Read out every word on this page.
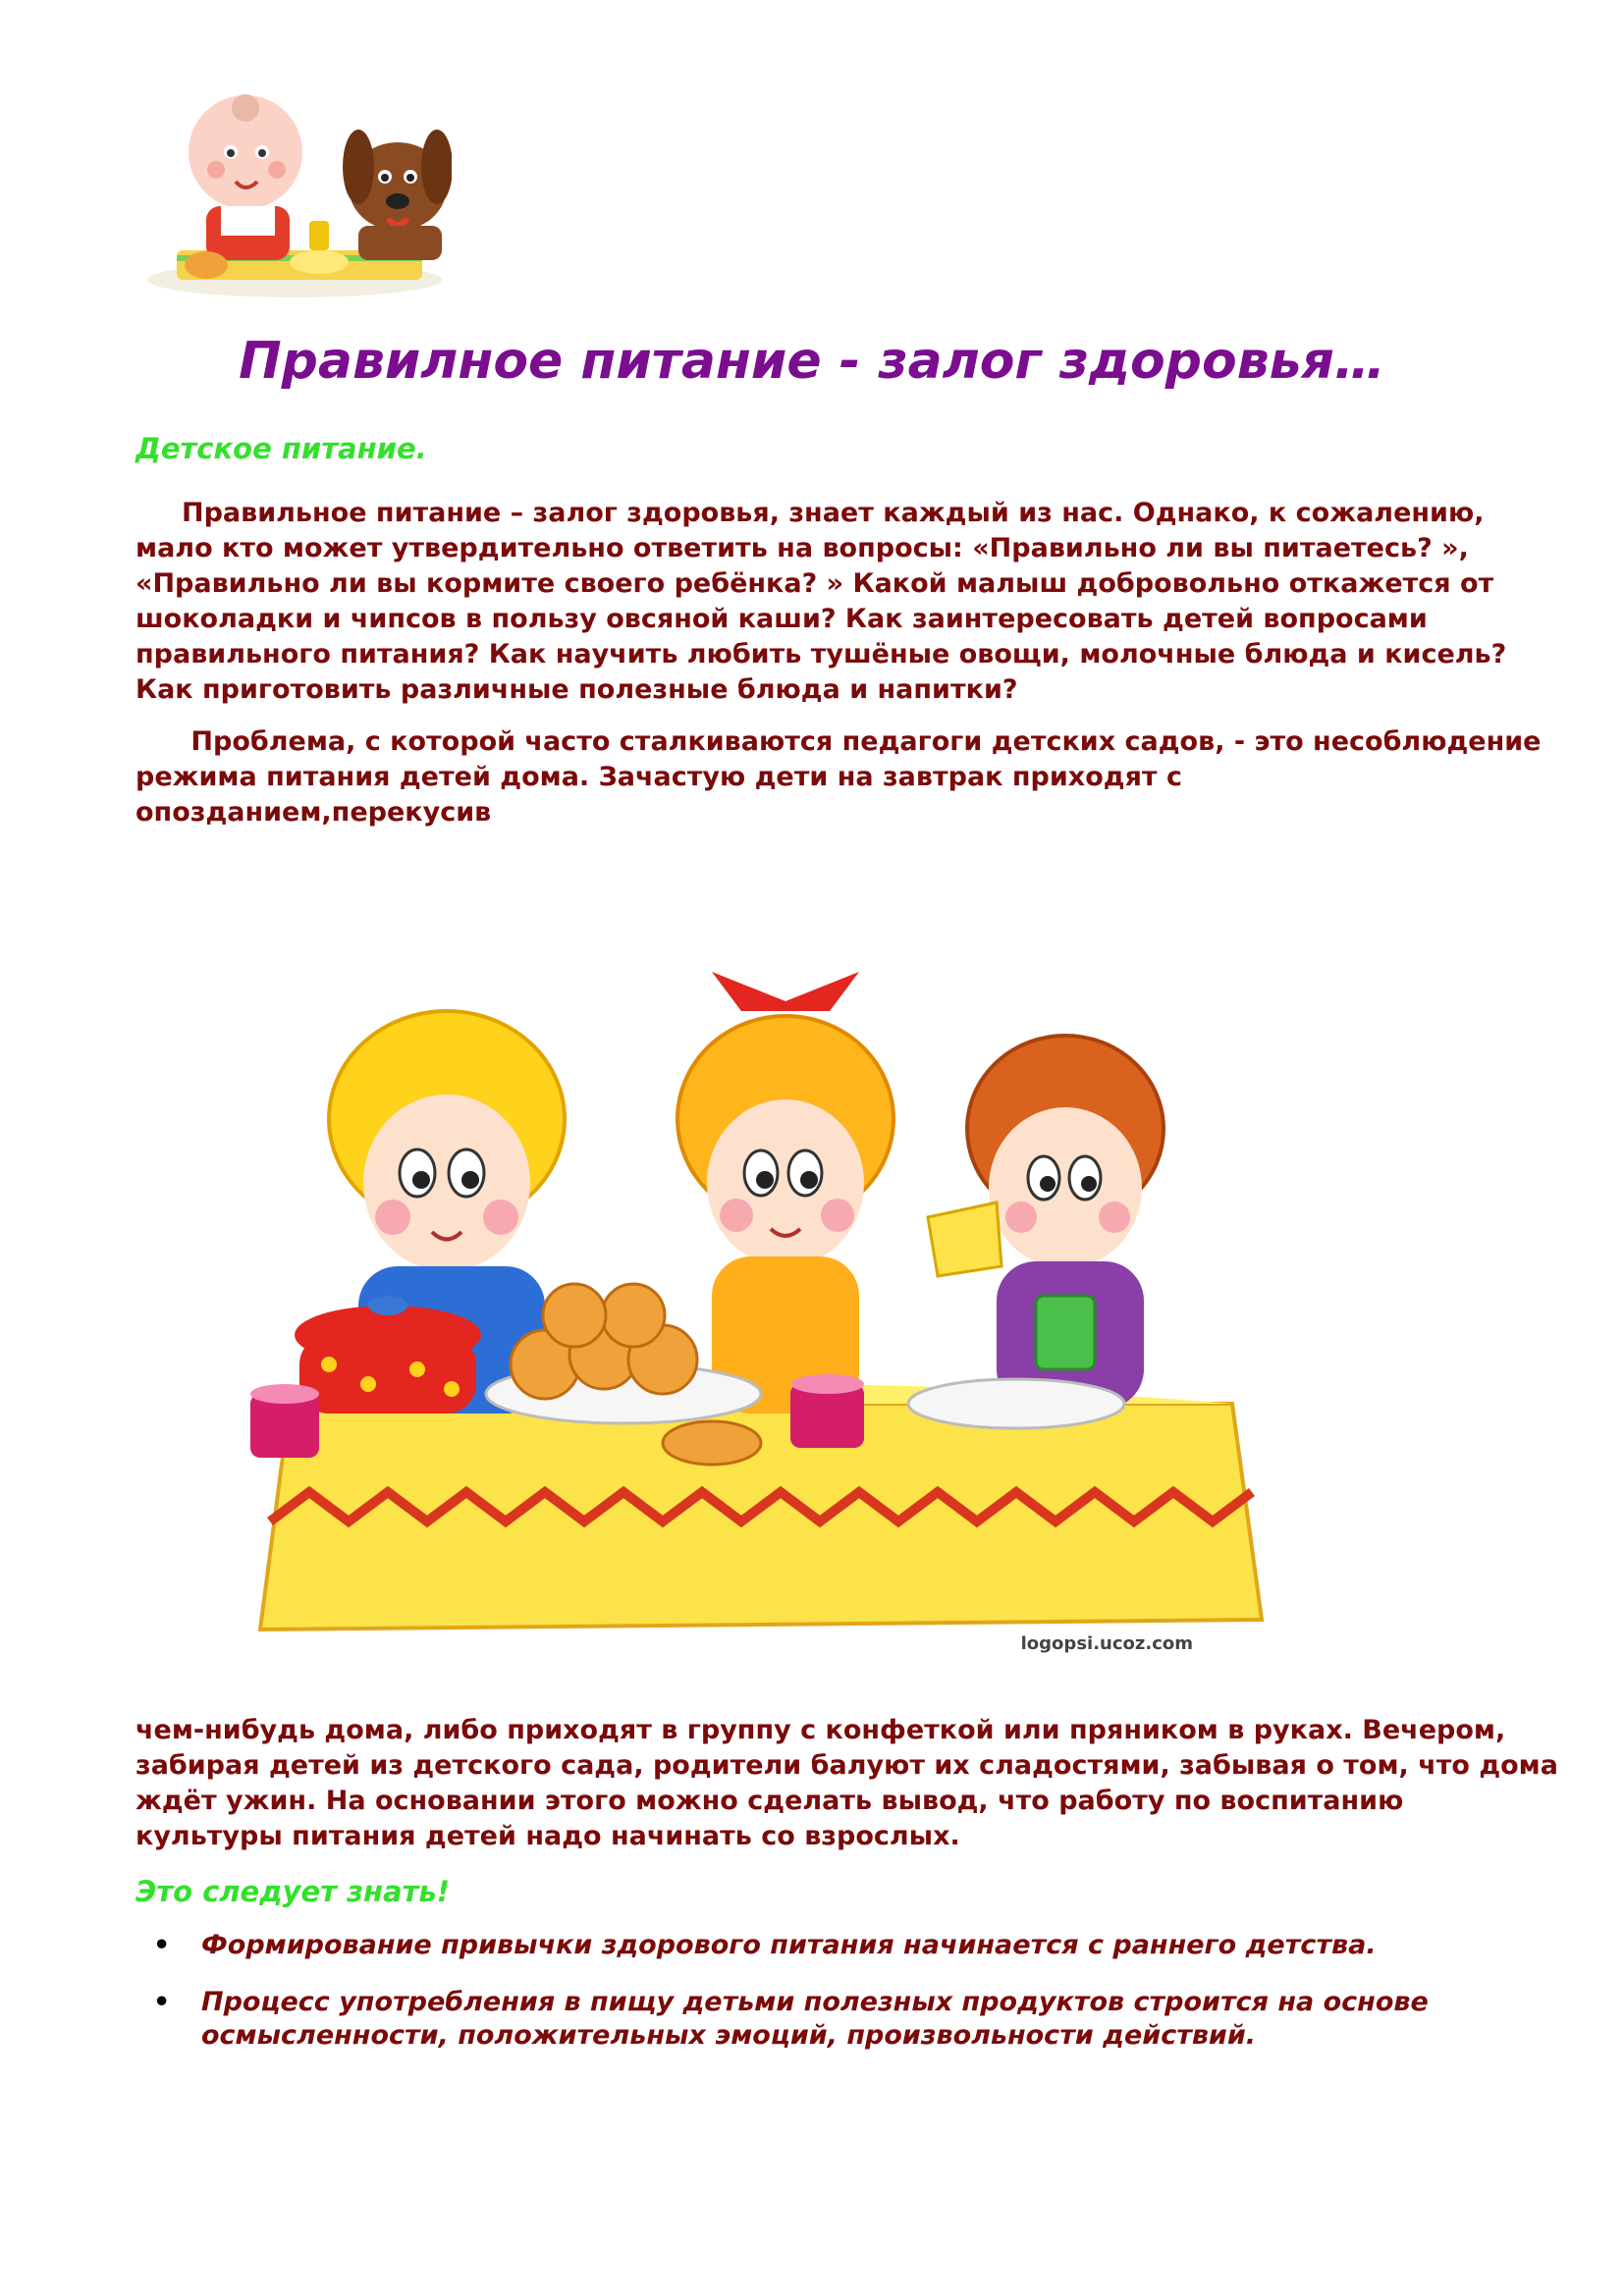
Правилное питание - залог здоровья…
Детское питание.

Правильное питание – залог здоровья, знает каждый из нас. Однако, к сожалению,
мало кто может утвердительно ответить на вопросы: «Правильно ли вы питаетесь? »,
«Правильно ли вы кормите своего ребёнка? » Какой малыш добровольно откажется от
шоколадки и чипсов в пользу овсяной каши? Как заинтересовать детей вопросами
правильного питания? Как научить любить тушёные овощи, молочные блюда и кисель?
Как приготовить различные полезные блюда и напитки?

Проблема, с которой часто сталкиваются педагоги детских садов, - это несоблюдение
режима питания детей дома. Зачастую дети на завтрак приходят с
опозданием,перекусив

logopsi.ucoz.com

чем-нибудь дома, либо приходят в группу с конфеткой или пряником в руках. Вечером,
забирая детей из детского сада, родители балуют их сладостями, забывая о том, что дома
ждёт ужин. На основании этого можно сделать вывод, что работу по воспитанию
культуры питания детей надо начинать со взрослых.

Это следует знать!
• Формирование привычки здорового питания начинается с раннего детства.
• Процесс употребления в пищу детьми полезных продуктов строится на основе
осмысленности, положительных эмоций, произвольности действий.
